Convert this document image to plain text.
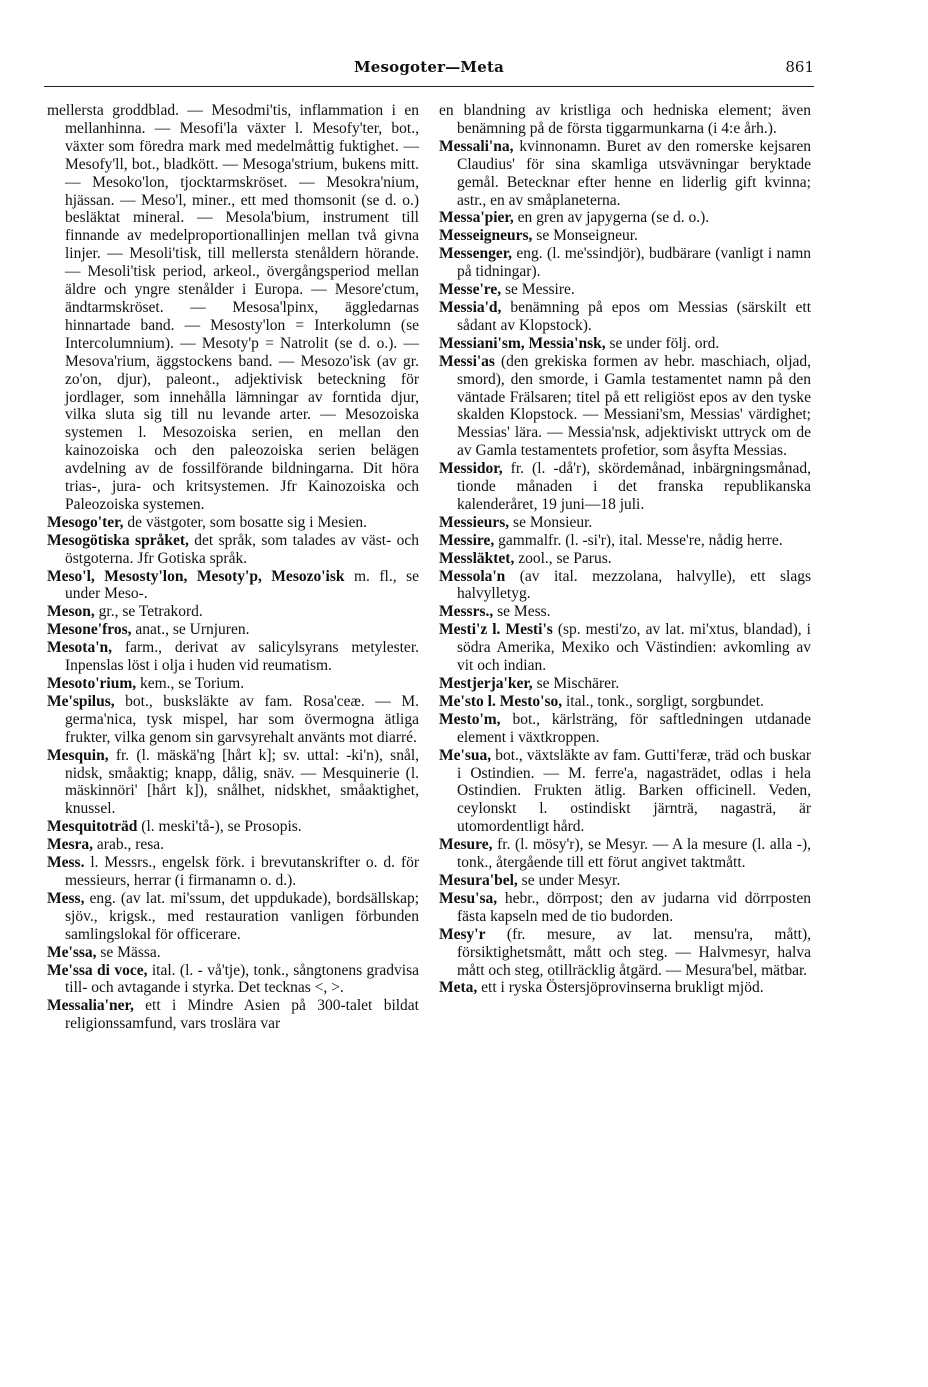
Mesogoter—Meta	861

mellersta groddblad. — Mesodmi'tis, inflammation i en mellanhinna. — Mesofi'la växter l. Mesofy'ter, bot., växter som föredra mark med medelmåttig fuktighet. — Mesofy'll, bot., bladkött. — Mesoga'strium, bukens mitt. — Mesoko'lon, tjocktarmskröset. — Mesokra'nium, hjässan. — Meso'l, miner., ett med thomsonit (se d. o.) besläktat mineral. — Mesola'bium, instrument till finnande av medelproportionallinjen mellan två givna linjer. — Mesoli'tisk, till mellersta stenåldern hörande. — Mesoli'tisk period, arkeol., övergångsperiod mellan äldre och yngre stenålder i Europa. — Mesore'ctum, ändtarmskröset. — Mesosa'lpinx, äggledarnas hinnartade band. — Mesosty'lon = Interkolumn (se Intercolumnium). — Mesoty'p = Natrolit (se d. o.). — Mesova'rium, äggstockens band. — Mesozo'isk (av gr. zo'on, djur), paleont., adjektivisk beteckning för jordlager, som innehålla lämningar av forntida djur, vilka sluta sig till nu levande arter. — Mesozoiska systemen l. Mesozoiska serien, en mellan den kainozoiska och den paleozoiska serien belägen avdelning av de fossilförande bildningarna. Dit höra trias-, jura- och kritsystemen. Jfr Kainozoiska och Paleozoiska systemen.

Mesogo'ter, de västgoter, som bosatte sig i Mesien.

Mesogötiska språket, det språk, som talades av väst- och östgoterna. Jfr Gotiska språk.

Meso'l, Mesosty'lon, Mesoty'p, Mesozo'isk m. fl., se under Meso-.

Meson, gr., se Tetrakord.

Mesone'fros, anat., se Urnjuren.

Mesota'n, farm., derivat av salicylsyrans metylester. Inpenslas löst i olja i huden vid reumatism.

Mesoto'rium, kem., se Torium.

Me'spilus, bot., busksläkte av fam. Rosa'ceæ. — M. germa'nica, tysk mispel, har som övermogna ätliga frukter, vilka genom sin garvsyrehalt använts mot diarré.

Mesquin, fr. (l. mäskä'ng [hårt k]; sv. uttal: -ki'n), snål, nidsk, småaktig; knapp, dålig, snäv. — Mesquinerie (l. mäskinnöri' [hårt k]), snålhet, nidskhet, småaktighet, knussel.

Mesquitoträd (l. meski'tå-), se Prosopis.

Mesra, arab., resa.

Mess. l. Messrs., engelsk förk. i brevutanskrifter o. d. för messieurs, herrar (i firmanamn o. d.).

Mess, eng. (av lat. mi'ssum, det uppdukade), bordsällskap; sjöv., krigsk., med restauration vanligen förbunden samlingslokal för officerare.

Me'ssa, se Mässa.

Me'ssa di voce, ital. (l. - vå'tje), tonk., sångtonens gradvisa till- och avtagande i styrka. Det tecknas <, >.

Messalia'ner, ett i Mindre Asien på 300-talet bildat religionssamfund, vars troslära var

en blandning av kristliga och hedniska element; även benämning på de första tiggarmunkarna (i 4:e årh.).

Messali'na, kvinnonamn. Buret av den romerske kejsaren Claudius' för sina skamliga utsvävningar beryktade gemål. Betecknar efter henne en liderlig gift kvinna; astr., en av småplaneterna.

Messa'pier, en gren av japygerna (se d. o.).

Messeigneurs, se Monseigneur.

Messenger, eng. (l. me'ssindjör), budbärare (vanligt i namn på tidningar).

Messe're, se Messire.

Messia'd, benämning på epos om Messias (särskilt ett sådant av Klopstock).

Messiani'sm, Messia'nsk, se under följ. ord.

Messi'as (den grekiska formen av hebr. maschiach, oljad, smord), den smorde, i Gamla testamentet namn på den väntade Frälsaren; titel på ett religiöst epos av den tyske skalden Klopstock. — Messiani'sm, Messias' värdighet; Messias' lära. — Messia'nsk, adjektiviskt uttryck om de av Gamla testamentets profetior, som åsyfta Messias.

Messidor, fr. (l. -då'r), skördemånad, inbärgningsmånad, tionde månaden i det franska republikanska kalenderåret, 19 juni—18 juli.

Messieurs, se Monsieur.

Messire, gammalfr. (l. -si'r), ital. Messe're, nådig herre.

Messläktet, zool., se Parus.

Messola'n (av ital. mezzolana, halvylle), ett slags halvylletyg.

Messrs., se Mess.

Mesti'z l. Mesti's (sp. mesti'zo, av lat. mi'xtus, blandad), i södra Amerika, Mexiko och Västindien: avkomling av vit och indian.

Mestjerja'ker, se Mischärer.

Me'sto l. Mesto'so, ital., tonk., sorgligt, sorgbundet.

Mesto'm, bot., kärlsträng, för saftledningen utdanade element i växtkroppen.

Me'sua, bot., växtsläkte av fam. Gutti'feræ, träd och buskar i Ostindien. — M. ferre'a, nagasträdet, odlas i hela Ostindien. Frukten ätlig. Barken officinell. Veden, ceylonskt l. ostindiskt järnträ, nagasträ, är utomordentligt hård.

Mesure, fr. (l. mösy'r), se Mesyr. — A la mesure (l. alla -), tonk., återgående till ett förut angivet taktmått.

Mesura'bel, se under Mesyr.

Mesu'sa, hebr., dörrpost; den av judarna vid dörrposten fästa kapseln med de tio budorden.

Mesy'r (fr. mesure, av lat. mensu'ra, mått), försiktighetsmått, mått och steg. — Halvmesyr, halva mått och steg, otillräcklig åtgärd. — Mesura'bel, mätbar.

Meta, ett i ryska Östersjöprovinserna brukligt mjöd.
